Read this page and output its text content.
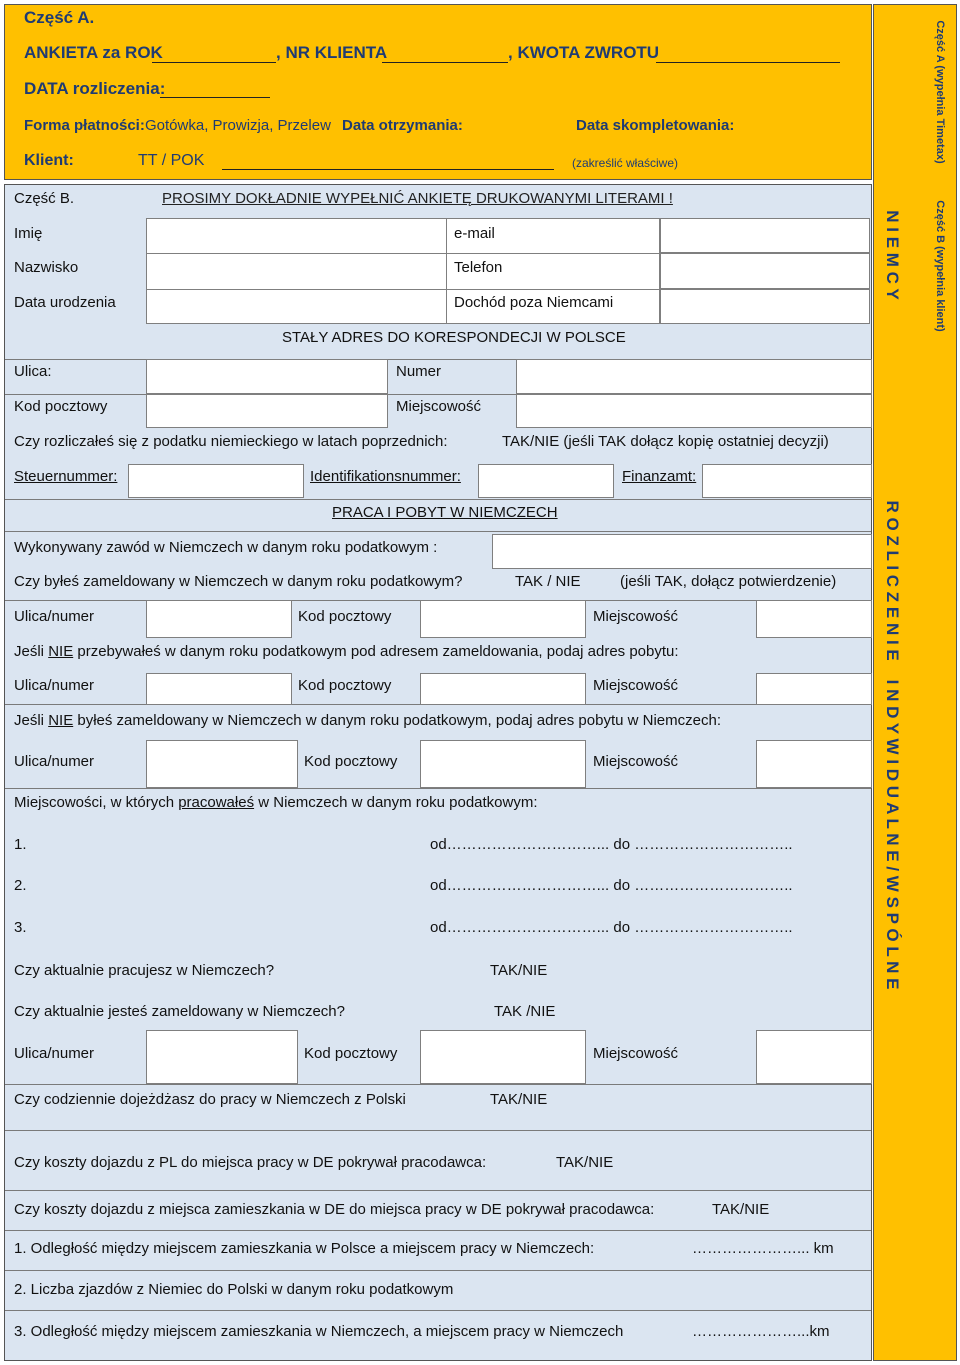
Część A.
ANKIETA za ROK	, NR KLIENTA	, KWOTA ZWROTU
DATA rozliczenia:
Forma płatności: Gotówka, Prowizja, Przelew Data otrzymania:	Data skompletowania:
Klient:	TT / POK	(zakreślić właściwe)	Część A (wypełnia Timetax)
Część B (wypełnia klient)
N I E M C Y
R O Z L I C Z E N I E    I N D Y W I D U A L N E / W S P Ó L N E
Część B.	PROSIMY DOKŁADNIE WYPEŁNIĆ ANKIETĘ DRUKOWANYMI LITERAMI !
Imię	e-mail
Nazwisko	Telefon
Data urodzenia	Dochód poza Niemcami
STAŁY ADRES DO KORESPONDECJI W POLSCE
Ulica:	Numer
Kod pocztowy	Miejscowość
Czy rozliczałeś się z podatku niemieckiego w latach poprzednich:	TAK/NIE (jeśli TAK dołącz kopię ostatniej decyzji)
Steuernummer:	Identifikationsnummer:	Finanzamt:
PRACA I POBYT W NIEMCZECH
Wykonywany zawód w Niemczech w danym roku podatkowym :
Czy byłeś zameldowany w Niemczech w danym roku podatkowym?	TAK / NIE	(jeśli TAK, dołącz potwierdzenie)
Ulica/numer	Kod pocztowy	Miejscowość
Jeśli NIE przebywałeś w danym roku podatkowym pod adresem zameldowania, podaj adres pobytu:
Ulica/numer	Kod pocztowy	Miejscowość
Jeśli NIE byłeś zameldowany w Niemczech w danym roku podatkowym, podaj adres pobytu w Niemczech:
Ulica/numer	Kod pocztowy	Miejscowość
Miejscowości, w których pracowałeś w Niemczech w danym roku podatkowym:
1.	od…………………………... do …………………………..
2.	od…………………………... do …………………………..
3.	od…………………………... do …………………………..
Czy aktualnie pracujesz w Niemczech?	TAK/NIE
Czy aktualnie jesteś zameldowany w Niemczech?	TAK /NIE
Ulica/numer	Kod pocztowy	Miejscowość
Czy codziennie dojeżdżasz do pracy w Niemczech z Polski	TAK/NIE
Czy koszty dojazdu z PL do miejsca pracy w DE pokrywał pracodawca:	TAK/NIE
Czy koszty dojazdu z miejsca zamieszkania w DE do miejsca pracy w DE pokrywał pracodawca:	TAK/NIE
1. Odległość między miejscem zamieszkania w Polsce a miejscem pracy w Niemczech:	…………………... km
2. Liczba zjazdów z Niemiec do Polski w danym roku podatkowym
3. Odległość między miejscem zamieszkania w Niemczech, a miejscem pracy w Niemczech	…………………...km
